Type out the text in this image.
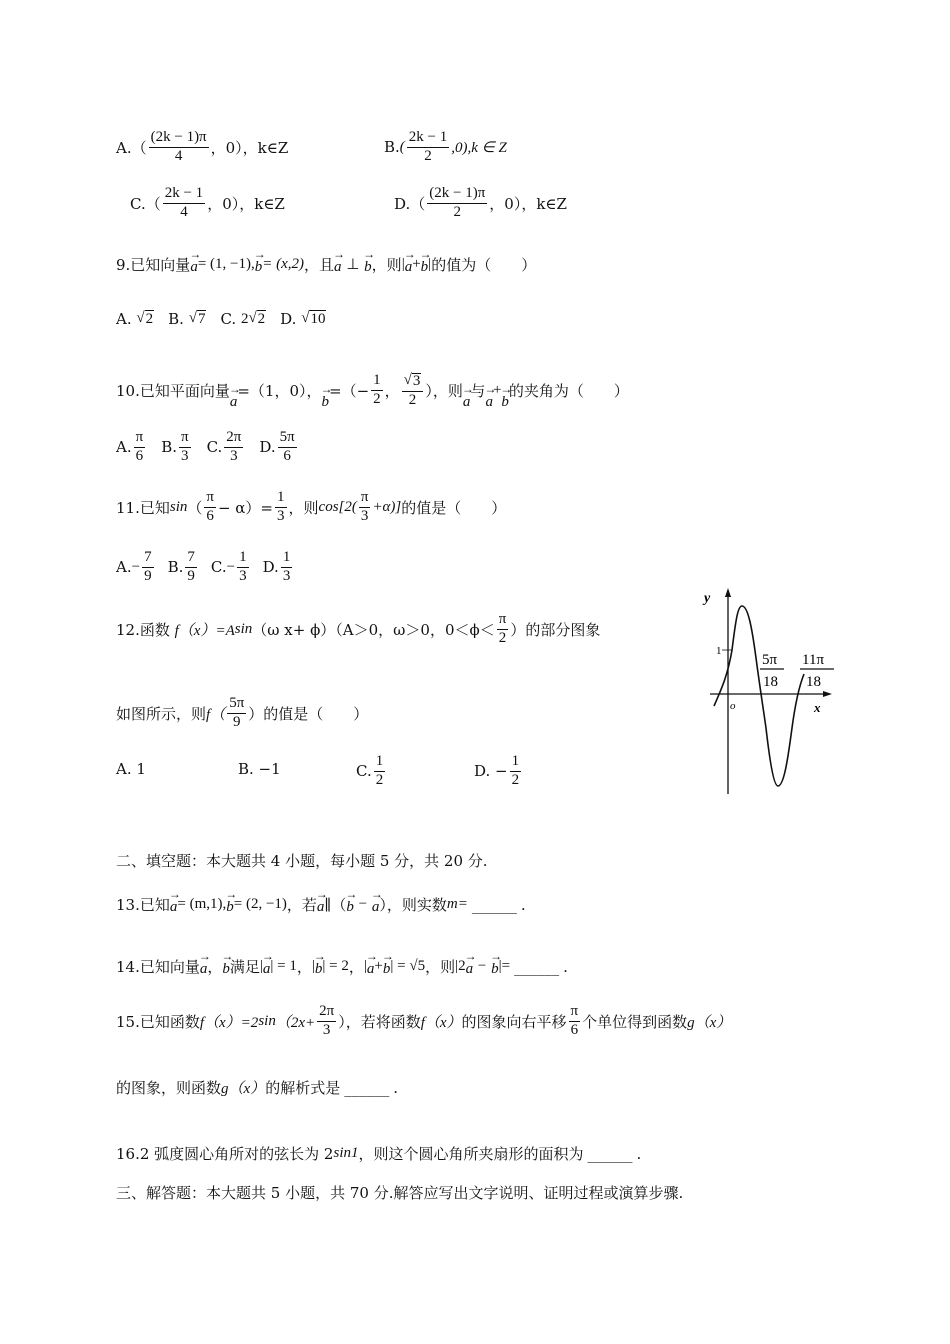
$A.( \frac{(2k - 1)\pi}{4}$ ，0），k∈Z	B. ( $\frac{2k - 1}{2} ,0),k$ ∈ Z
$C.( \frac{2k - 1}{4}$ ，0），k∈Z	$D.( \frac{(2k - 1)\pi}{2}$ ，0），k∈Z
9.已知向量 → a = (1, −1), → b = (x,2) ，且 → a
⊥
→ b ，则 | → a + → b | 的值为（　　）
A.
√ 2 B.
√ 7 C.
2 √ 2 D.
√ 10
10.已知平面向量
→ a
=（1，0），
→ b
=（− $\frac{1}{2}$ ， $\frac{√ 3}{2}$ ），则
→ a
与
→ a
+
→ b
的夹角为（　　）
A. $\frac{\pi}{6} B$. $\frac{\pi}{3} C$. $\frac{2\pi}{3} D$. $\frac{5\pi}{6}$
11.已知 sin （ $\frac{\pi}{6} - \alpha)= \frac{1}{3}$ ，则 $\cos[2( \frac{\pi}{3} +\alpha)]$ 的值是（　　）
A. − $\frac{7}{9} B$. $\frac{7}{9} C$. − $\frac{1}{3} D$. $\frac{1}{3}$
12.函数
f（x）=A sin （ω x+ ϕ）（A＞0，ω＞0，$0<\phi< \frac{\pi}{2}$ ）的部分图象
如图所示，则 $f( \frac{5\pi}{9}$ ）的值是（　　）
A. 1	B. −1	C. $\frac{1}{2}$	D. − $\frac{1}{2}$
y
x
o
1
5π
18
11π
18
二、填空题：本大题共 4 小题，每小题 5 分，共 20 分.
13.已知 → a = (m,1), → b = (2, −1) ，若 → a ∥（ → b
−
→ a ），则实数 m= ______ .
14.已知向量 → a ， → b 满足 | → a | = 1 ， | → b | = 2 ， | → a + → b | = √5 ，则 |2 → a
−
→ b | = ______ .
15.已知函数 f（x）=2 $\sin (2x+ \frac{2\pi}{3}$ ），若将函数 f（x） 的图象向右平移 $\frac{\pi}{6}$ 个单位得到函数 g（x）
的图象，则函数 g（x） 的解析式是 ______ .
16.2 弧度圆心角所对的弦长为 2 sin1 ，则这个圆心角所夹扇形的面积为 ______ .
三、解答题：本大题共 5 小题，共 70 分.解答应写出文字说明、证明过程或演算步骤.
